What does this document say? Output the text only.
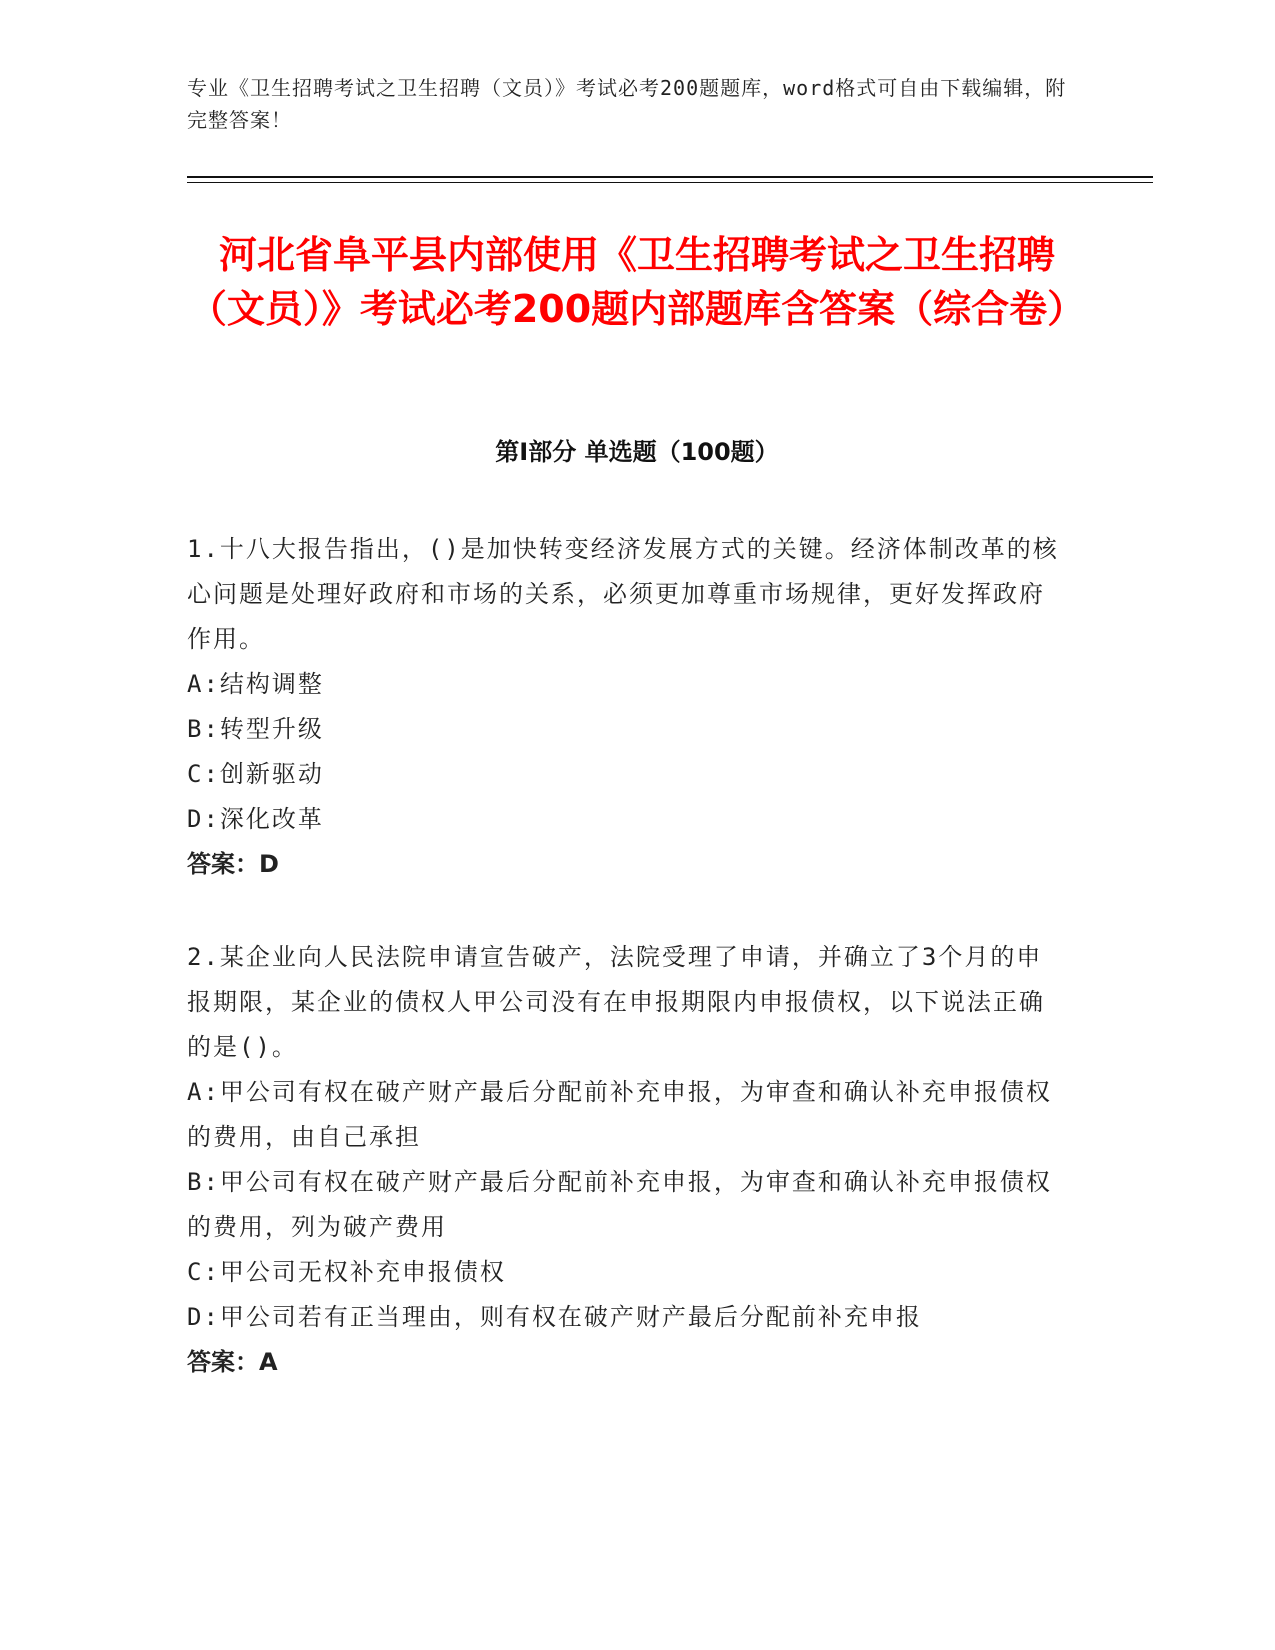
专业《卫生招聘考试之卫生招聘（文员）》考试必考200题题库，word格式可自由下载编辑，附完整答案！
河北省阜平县内部使用《卫生招聘考试之卫生招聘（文员）》考试必考200题内部题库含答案（综合卷）
第I部分 单选题（100题）

1.十八大报告指出，()是加快转变经济发展方式的关键。经济体制改革的核心问题是处理好政府和市场的关系，必须更加尊重市场规律，更好发挥政府作用。

A:结构调整

B:转型升级

C:创新驱动

D:深化改革

答案：D

2.某企业向人民法院申请宣告破产，法院受理了申请，并确立了3个月的申报期限，某企业的债权人甲公司没有在申报期限内申报债权，以下说法正确的是()。

A:甲公司有权在破产财产最后分配前补充申报，为审查和确认补充申报债权的费用，由自己承担

B:甲公司有权在破产财产最后分配前补充申报，为审查和确认补充申报债权的费用，列为破产费用

C:甲公司无权补充申报债权

D:甲公司若有正当理由，则有权在破产财产最后分配前补充申报

答案：A
